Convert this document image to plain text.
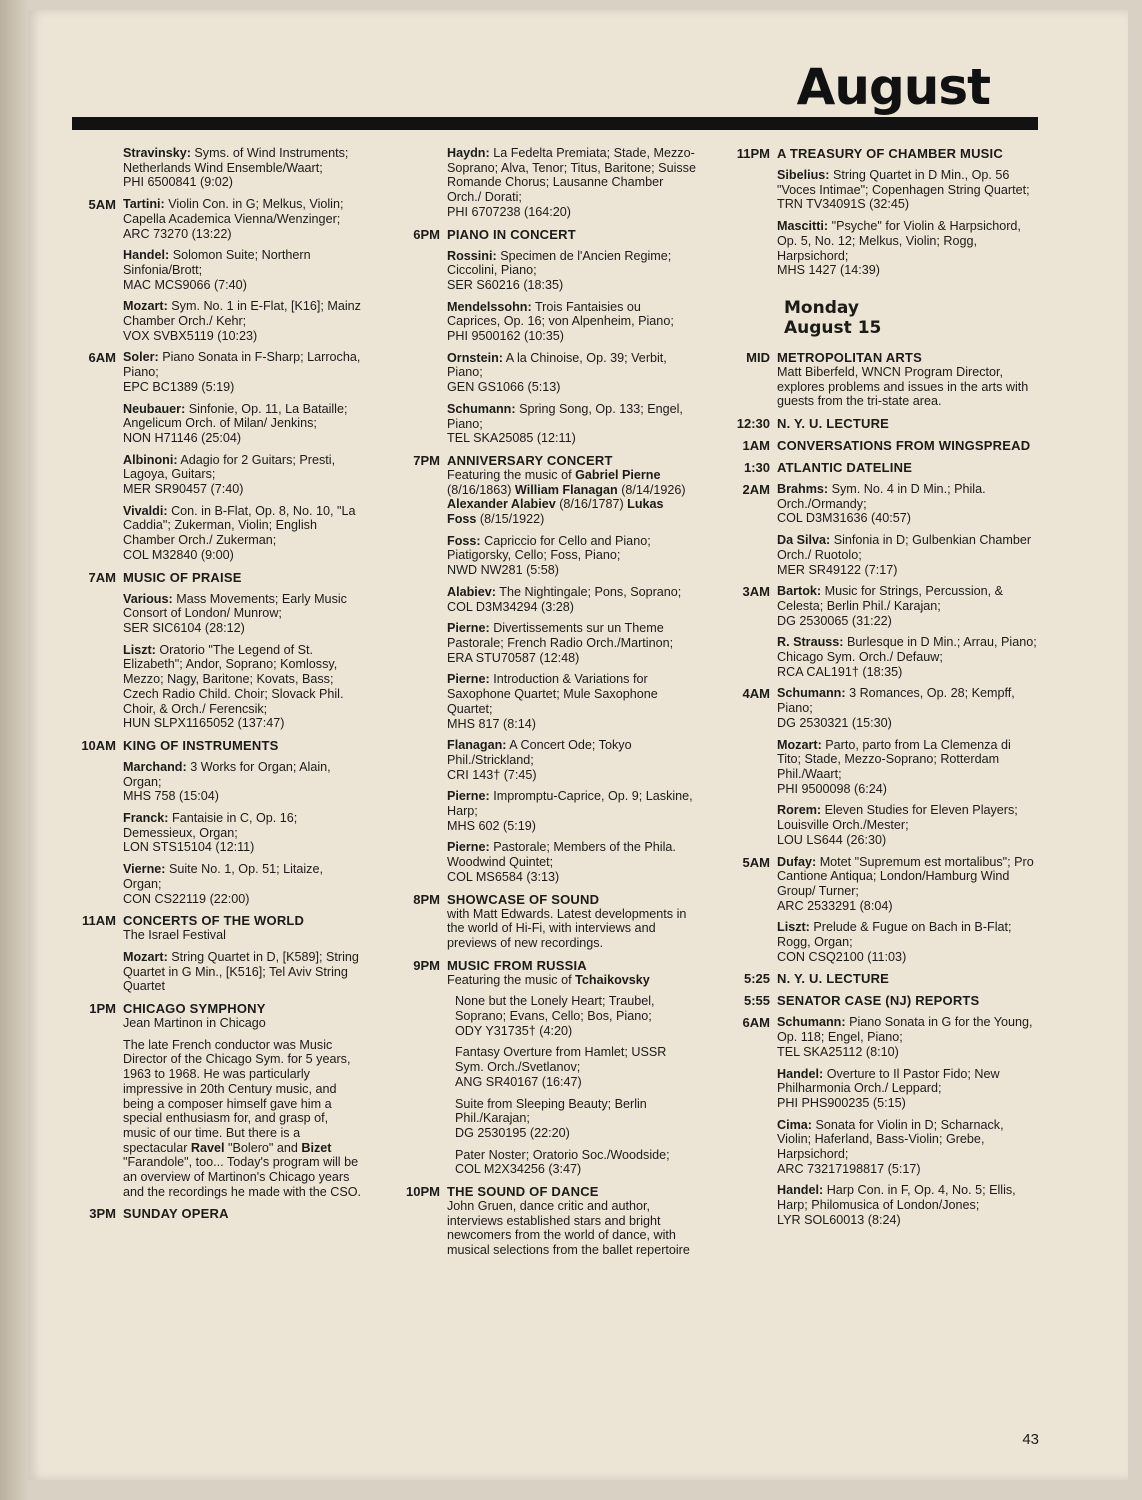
August
Stravinsky: Syms. of Wind Instruments; Netherlands Wind Ensemble/Waart;
PHI 6500841 (9:02)
5AM Tartini: Violin Con. in G; Melkus, Violin; Capella Academica Vienna/Wenzinger;
ARC 73270 (13:22)
Handel: Solomon Suite; Northern Sinfonia/Brott;
MAC MCS9066 (7:40)
Mozart: Sym. No. 1 in E-Flat, [K16]; Mainz Chamber Orch./ Kehr;
VOX SVBX5119 (10:23)
6AM Soler: Piano Sonata in F-Sharp; Larrocha, Piano;
EPC BC1389 (5:19)
Neubauer: Sinfonie, Op. 11, La Bataille; Angelicum Orch. of Milan/ Jenkins;
NON H71146 (25:04)
Albinoni: Adagio for 2 Guitars; Presti, Lagoya, Guitars;
MER SR90457 (7:40)
Vivaldi: Con. in B-Flat, Op. 8, No. 10, "La Caddia"; Zukerman, Violin; English Chamber Orch./ Zukerman;
COL M32840 (9:00)
7AM MUSIC OF PRAISE
Various: Mass Movements; Early Music Consort of London/ Munrow;
SER SIC6104 (28:12)
Liszt: Oratorio "The Legend of St. Elizabeth"; Andor, Soprano; Komlossy, Mezzo; Nagy, Baritone; Kovats, Bass; Czech Radio Child. Choir; Slovack Phil. Choir, & Orch./ Ferencsik;
HUN SLPX1165052 (137:47)
10AM KING OF INSTRUMENTS
Marchand: 3 Works for Organ; Alain, Organ;
MHS 758 (15:04)
Franck: Fantaisie in C, Op. 16; Demessieux, Organ;
LON STS15104 (12:11)
Vierne: Suite No. 1, Op. 51; Litaize, Organ;
CON CS22119 (22:00)
11AM CONCERTS OF THE WORLD
The Israel Festival
Mozart: String Quartet in D, [K589]; String Quartet in G Min., [K516]; Tel Aviv String Quartet
1PM CHICAGO SYMPHONY
Jean Martinon in Chicago
The late French conductor was Music Director of the Chicago Sym. for 5 years, 1963 to 1968. He was particularly impressive in 20th Century music, and being a composer himself gave him a special enthusiasm for, and grasp of, music of our time. But there is a spectacular Ravel "Bolero" and Bizet "Farandole", too... Today's program will be an overview of Martinon's Chicago years and the recordings he made with the CSO.
3PM SUNDAY OPERA
Haydn: La Fedelta Premiata; Stade, Mezzo-Soprano; Alva, Tenor; Titus, Baritone; Suisse Romande Chorus; Lausanne Chamber Orch./ Dorati;
PHI 6707238 (164:20)
6PM PIANO IN CONCERT
Rossini: Specimen de l'Ancien Regime; Ciccolini, Piano;
SER S60216 (18:35)
Mendelssohn: Trois Fantaisies ou Caprices, Op. 16; von Alpenheim, Piano;
PHI 9500162 (10:35)
Ornstein: A la Chinoise, Op. 39; Verbit, Piano;
GEN GS1066 (5:13)
Schumann: Spring Song, Op. 133; Engel, Piano;
TEL SKA25085 (12:11)
7PM ANNIVERSARY CONCERT
Featuring the music of Gabriel Pierne (8/16/1863) William Flanagan (8/14/1926) Alexander Alabiev (8/16/1787) Lukas Foss (8/15/1922)
Foss: Capriccio for Cello and Piano; Piatigorsky, Cello; Foss, Piano;
NWD NW281 (5:58)
Alabiev: The Nightingale; Pons, Soprano;
COL D3M34294 (3:28)
Pierne: Divertissements sur un Theme Pastorale; French Radio Orch./Martinon;
ERA STU70587 (12:48)
Pierne: Introduction & Variations for Saxophone Quartet; Mule Saxophone Quartet;
MHS 817 (8:14)
Flanagan: A Concert Ode; Tokyo Phil./Strickland;
CRI 143† (7:45)
Pierne: Impromptu-Caprice, Op. 9; Laskine, Harp;
MHS 602 (5:19)
Pierne: Pastorale; Members of the Phila. Woodwind Quintet;
COL MS6584 (3:13)
8PM SHOWCASE OF SOUND
with Matt Edwards. Latest developments in the world of Hi-Fi, with interviews and previews of new recordings.
9PM MUSIC FROM RUSSIA
Featuring the music of Tchaikovsky
None but the Lonely Heart; Traubel, Soprano; Evans, Cello; Bos, Piano;
ODY Y31735† (4:20)
Fantasy Overture from Hamlet; USSR Sym. Orch./Svetlanov;
ANG SR40167 (16:47)
Suite from Sleeping Beauty; Berlin Phil./Karajan;
DG 2530195 (22:20)
Pater Noster; Oratorio Soc./Woodside;
COL M2X34256 (3:47)
10PM THE SOUND OF DANCE
John Gruen, dance critic and author, interviews established stars and bright newcomers from the world of dance, with musical selections from the ballet repertoire
11PM A TREASURY OF CHAMBER MUSIC
Sibelius: String Quartet in D Min., Op. 56 "Voces Intimae"; Copenhagen String Quartet;
TRN TV34091S (32:45)
Mascitti: "Psyche" for Violin & Harpsichord, Op. 5, No. 12; Melkus, Violin; Rogg, Harpsichord;
MHS 1427 (14:39)
Monday
August 15
MID METROPOLITAN ARTS
Matt Biberfeld, WNCN Program Director, explores problems and issues in the arts with guests from the tri-state area.
12:30 N. Y. U. LECTURE
1AM CONVERSATIONS FROM WINGSPREAD
1:30 ATLANTIC DATELINE
2AM Brahms: Sym. No. 4 in D Min.; Phila. Orch./Ormandy;
COL D3M31636 (40:57)
Da Silva: Sinfonia in D; Gulbenkian Chamber Orch./ Ruotolo;
MER SR49122 (7:17)
3AM Bartok: Music for Strings, Percussion, & Celesta; Berlin Phil./ Karajan;
DG 2530065 (31:22)
R. Strauss: Burlesque in D Min.; Arrau, Piano; Chicago Sym. Orch./ Defauw;
RCA CAL191† (18:35)
4AM Schumann: 3 Romances, Op. 28; Kempff, Piano;
DG 2530321 (15:30)
Mozart: Parto, parto from La Clemenza di Tito; Stade, Mezzo-Soprano; Rotterdam Phil./Waart;
PHI 9500098 (6:24)
Rorem: Eleven Studies for Eleven Players; Louisville Orch./Mester;
LOU LS644 (26:30)
5AM Dufay: Motet "Supremum est mortalibus"; Pro Cantione Antiqua; London/Hamburg Wind Group/ Turner;
ARC 2533291 (8:04)
Liszt: Prelude & Fugue on Bach in B-Flat; Rogg, Organ;
CON CSQ2100 (11:03)
5:25 N. Y. U. LECTURE
5:55 SENATOR CASE (NJ) REPORTS
6AM Schumann: Piano Sonata in G for the Young, Op. 118; Engel, Piano;
TEL SKA25112 (8:10)
Handel: Overture to Il Pastor Fido; New Philharmonia Orch./ Leppard;
PHI PHS900235 (5:15)
Cima: Sonata for Violin in D; Scharnack, Violin; Haferland, Bass-Violin; Grebe, Harpsichord;
ARC 73217198817 (5:17)
Handel: Harp Con. in F, Op. 4, No. 5; Ellis, Harp; Philomusica of London/Jones;
LYR SOL60013 (8:24)
43
